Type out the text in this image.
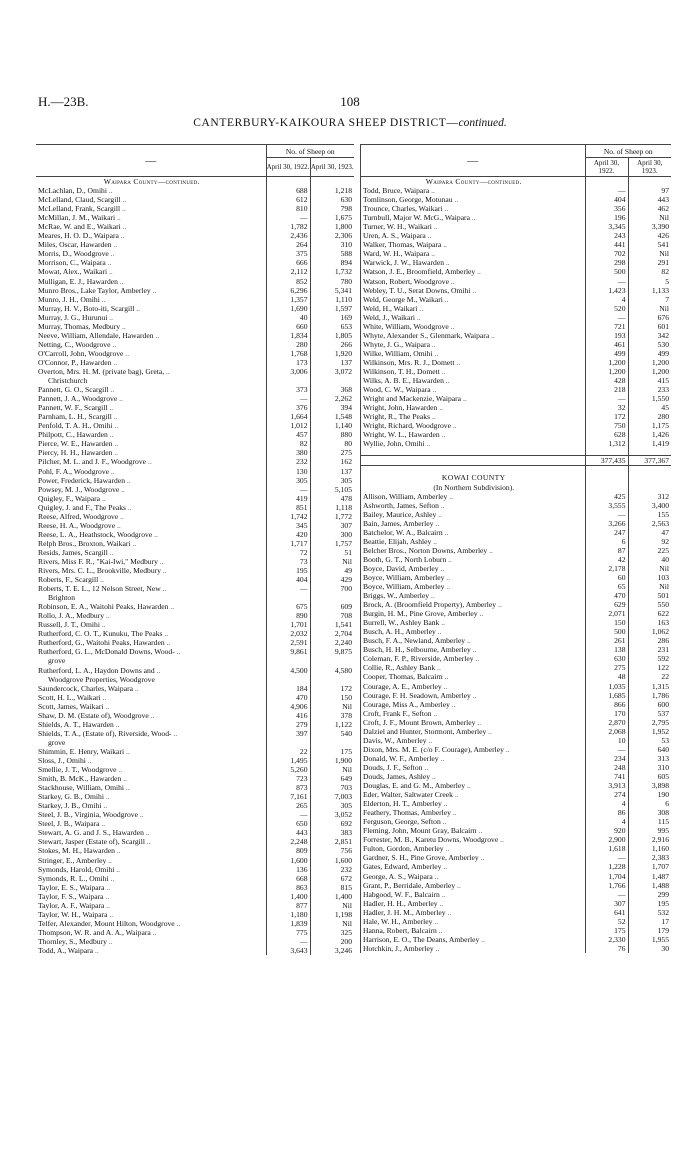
H.—23B.	108
CANTERBURY-KAIKOURA SHEEP DISTRICT—continued.
—	No. of Sheep on	
	April 30, 1922.	April 30, 1923.
Waipara County—continued.		
McLachlan, D., Omihi ..	688	1,218
McLelland, Claud, Scargill ..	612	630
McLelland, Frank, Scargill ..	810	798
McMillan, J. M., Waikari ..	—	1,675
McRae, W. and E., Waikari ..	1,782	1,800
Meares, H. O. D., Waipara ..	2,436	2,306
Miles, Oscar, Hawarden ..	264	310
Morris, D., Woodgrove ..	375	588
Morrison, C., Waipara ..	666	894
Mowat, Alex., Waikari ..	2,112	1,732
Mulligan, E. J., Hawarden ..	852	780
Munro Bros., Lake Taylor, Amberley ..	6,296	5,341
Munro, J. H., Omihi ..	1,357	1,110
Murray, H. V., Boto-iti, Scargill ..	1,690	1,597
Murray, J. G., Hurunui ..	40	169
Murray, Thomas, Medbury ..	660	653
Neeve, William, Allendale, Hawarden ..	1,834	1,805
Netting, C., Woodgrove ..	280	266
O'Carroll, John, Woodgrove ..	1,768	1,920
O'Connor, P., Hawarden ..	173	137
Overton, Mrs. H. M. (private bag), Greta, ..	3,006	3,072
Christchurch		
Pannett, G. O., Scargill ..	373	368
Pannett, J. A., Woodgrove ..	—	2,262
Pannett, W. F., Scargill ..	376	394
Parnham, L. H., Scargill ..	1,664	1,548
Penfold, T. A. H., Omihi ..	1,012	1,140
Philpott, C., Hawarden ..	457	880
Pierce, W. E., Hawarden ..	82	80
Piercy, H. H., Hawarden ..	380	275
Pilcher, M. L. and J. F., Woodgrove ..	232	162
Pohl, F. A., Woodgrove ..	130	137
Power, Frederick, Hawarden ..	305	305
Powsey, M. J., Woodgrove ..	—	5,105
Quigley, F., Waipara ..	419	478
Quigley, J. and F., The Peaks ..	851	1,118
Reese, Alfred, Woodgrove ..	1,742	1,772
Reese, H. A., Woodgrove ..	345	307
Reese, L. A., Heathstock, Woodgrove ..	420	300
Relph Bros., Broxton, Waikari ..	1,717	1,757
Resids, James, Scargill ..	72	51
Rivers, Miss F. R., "Kai-Iwi," Medbury ..	73	Nil
Rivers, Mrs. C. L., Brookville, Medbury ..	195	49
Roberts, F., Scargill ..	404	429
Roberts, T. E. L., 12 Nelson Street, New ..	—	700
Brighton		
Robinson, E. A., Waitohi Peaks, Hawarden ..	675	609
Rollo, J. A., Medbury ..	890	708
Russell, J. T., Omihi ..	1,701	1,541
Rutherford, C. O. T., Kunuku, The Peaks ..	2,032	2,704
Rutherford, G., Waitohi Peaks, Hawarden ..	2,591	2,240
Rutherford, G. L., McDonald Downs, Wood- ..	9,861	9,875
grove		
Rutherford, L. A., Haydon Downs and ..	4,500	4,580
Woodgrove Properties, Woodgrove		
Saundercock, Charles, Waipara ..	184	172
Scott, H. L., Waikari ..	470	150
Scott, James, Waikari ..	4,906	Nil
Shaw, D. M. (Estate of), Woodgrove ..	416	378
Shields, A. T., Hawarden ..	279	1,122
Shields, T. A., (Estate of), Riverside, Wood- ..	397	540
grove		
Shimmin, E. Henry, Waikari ..	22	175
Sloss, J., Omihi ..	1,495	1,900
Smellie, J. T., Woodgrove ..	5,260	Nil
Smith, B. McK., Hawarden ..	723	649
Stackhouse, William, Omihi ..	873	703
Starkey, G. B., Omihi ..	7,161	7,003
Starkey, J. B., Omihi ..	265	305
Steel, J. B., Virginia, Woodgrove ..	—	3,052
Steel, J. B., Waipara ..	650	692
Stewart, A. G. and J. S., Hawarden ..	443	383
Stewart, Jasper (Estate of), Scargill ..	2,248	2,851
Stokes, M. H., Hawarden ..	809	756
Stringer, E., Amberley ..	1,600	1,600
Symonds, Harold, Omihi ..	136	232
Symonds, R. L., Omihi ..	668	672
Taylor, E. S., Waipara ..	863	815
Taylor, F. S., Waipara ..	1,400	1,400
Taylor, A. F., Waipara ..	877	Nil
Taylor, W. H., Waipara ..	1,180	1,198
Telfer, Alexander, Mount Hilton, Woodgrove ..	1,839	Nil
Thompson, W. R. and A. A., Waipara ..	775	325
Thornley, S., Medbury ..	—	200
Todd, A., Waipara ..	3,643	3,246
—	No. of Sheep on	
	April 30, 1922.	April 30, 1923.
Waipara County—continued.		
Todd, Bruce, Waipara ..	—	97
Tomlinson, George, Motunau ..	404	443
Trounce, Charles, Waikari ..	356	462
Turnbull, Major W. McG., Waipara ..	196	Nil
Turner, W. H., Waikari ..	3,345	3,390
Uren, A. S., Waipara ..	243	426
Walker, Thomas, Waipara ..	441	541
Ward, W. H., Waipara ..	702	Nil
Warwick, J. W., Hawarden ..	298	291
Watson, J. E., Broomfield, Amberley ..	500	82
Watson, Robert, Woodgrove ..	—	5
Webley, T. U., Serat Downs, Omihi ..	1,423	1,133
Weld, George M., Waikari ..	4	7
Weld, H., Waikari ..	520	Nil
Weld, J., Waikari ..	—	676
White, William, Woodgrove ..	721	601
Whyte, Alexander S., Glenmark, Waipara ..	193	342
Whyte, J. G., Waipara ..	461	530
Wilke, William, Omihi ..	499	499
Wilkinson, Mrs. R. J., Domett ..	1,200	1,200
Wilkinson, T. H., Domett ..	1,200	1,200
Wilks, A. B. E., Hawarden ..	428	415
Wood, C. W., Waipara ..	218	233
Wright and Mackenzie, Waipara ..	—	1,550
Wright, John, Hawarden ..	32	45
Wright, R., The Peaks ..	172	280
Wright, Richard, Woodgrove ..	750	1,175
Wright, W. L., Hawarden ..	628	1,426
Wyllie, John, Omihi ..	1,312	1,419

	377,435	377,367

KOWAI COUNTY		
(In Northern Subdivision).		
Allison, William, Amberley ..	425	312
Ashworth, James, Sefton ..	3,555	3,400
Bailey, Maurice, Ashley ..	—	155
Bain, James, Amberley ..	3,266	2,563
Batchelor, W. A., Balcairn ..	247	47
Beattie, Elijah, Ashley ..	6	92
Belcher Bros., Norton Downs, Amberley ..	87	225
Booth, G. T., North Loburn ..	42	40
Boyce, David, Amberley ..	2,178	Nil
Boyce, William, Amberley ..	60	103
Boyce, William, Amberley ..	65	Nil
Briggs, W., Amberley ..	470	501
Brock, A. (Broomfield Property), Amberley ..	629	550
Burgin, H. M., Pine Grove, Amberley ..	2,071	622
Burrell, W., Ashley Bank ..	150	163
Busch, A. H., Amberley ..	500	1,062
Busch, F. A., Newland, Amberley ..	261	286
Busch, H. H., Selbourne, Amberley ..	138	231
Coleman, F. P., Riverside, Amberley ..	630	592
Collie, R., Ashley Bank ..	275	122
Cooper, Thomas, Balcairn ..	48	22
Courage, A. E., Amberley ..	1,035	1,315
Courage, F. H. Seadown, Amberley ..	1,685	1,786
Courage, Miss A., Amberley ..	866	600
Croft, Frank F., Sefton ..	170	537
Croft, J. F., Mount Brown, Amberley ..	2,870	2,795
Dalziel and Hunter, Stormont, Amberley ..	2,068	1,952
Davis, W., Amberley ..	10	53
Dixon, Mrs. M. E. (c/o F. Courage), Amberley ..	—	640
Donald, W. F., Amberley ..	234	313
Douds, J. F., Sefton ..	248	310
Douds, James, Ashley ..	741	605
Douglas, E. and G. M., Amberley ..	3,913	3,898
Eder, Walter, Saltwater Creek ..	274	190
Elderton, H. T., Amberley ..	4	6
Feathery, Thomas, Amberley ..	86	308
Ferguson, George, Sefton ..	4	115
Fleming, John, Mount Gray, Balcairn ..	920	995
Forrester, M. B., Karetu Downs, Woodgrove ..	2,900	2,916
Fulton, Gordon, Amberley ..	1,618	1,160
Gardner, S. H., Pine Grove, Amberley ..	—	2,383
Gates, Edward, Amberley ..	1,228	1,707
George, A. S., Waipara ..	1,704	1,487
Grant, P., Berridale, Amberley ..	1,766	1,488
Habgood, W. F., Balcairn ..	—	299
Hadler, H. H., Amberley ..	307	195
Hadler, J. H. M., Amberley ..	641	532
Hale, W. H., Amberley ..	52	17
Hanna, Robert, Balcairn ..	175	179
Harrison, E. O., The Deans, Amberley ..	2,330	1,955
Hotchkin, J., Amberley ..	76	30
